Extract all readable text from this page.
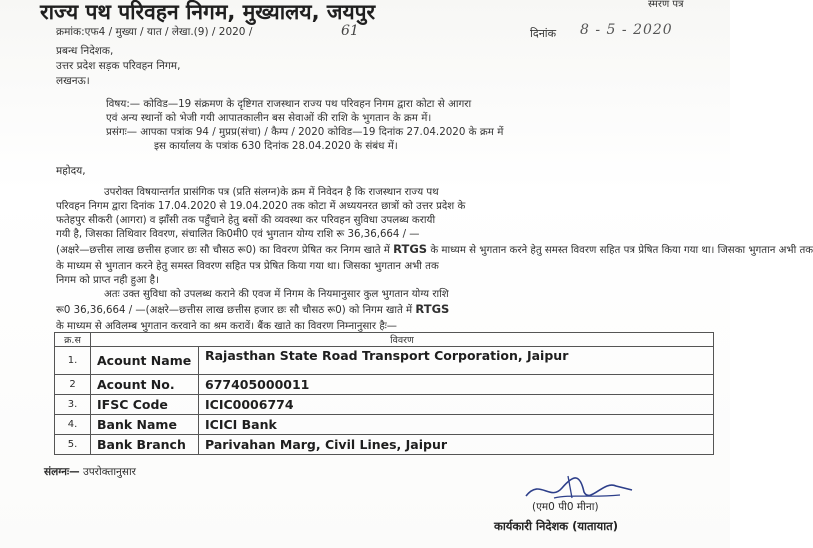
राज्य पथ परिवहन निगम, मुख्यालय, जयपुर	स्मरण पत्र
क्रमांक:एफ4 / मुख्या / यात / लेखा.(9) / 2020 /	61	दिनांक 8 - 5 - 2020
प्रबन्ध निदेशक,
उत्तर प्रदेश सड़क परिवहन निगम,
लखनऊ।
विषय:— कोविड—19 संक्रमण के दृष्टिगत राजस्थान राज्य पथ परिवहन निगम द्वारा कोटा से आगरा
एवं अन्य स्थानों को भेजी गयी आपातकालीन बस सेवाओं की राशि के भुगतान के क्रम में।
प्रसंगः— आपका पत्रांक 94 / मुप्रप्र(संचा) / कैम्प / 2020 कोविड—19 दिनांक 27.04.2020 के क्रम में
इस कार्यालय के पत्रांक 630 दिनांक 28.04.2020 के संबंध में।
महोदय,
उपरोक्त विषयान्तर्गत प्रासंगिक पत्र (प्रति संलग्न)के क्रम में निवेदन है कि राजस्थान राज्य पथ
परिवहन निगम द्वारा दिनांक 17.04.2020 से 19.04.2020 तक कोटा में अध्ययनरत छात्रों को उत्तर प्रदेश के
फतेहपुर सीकरी (आगरा) व झाँसी तक पहुँचाने हेतु बसों की व्यवस्था कर परिवहन सुविधा उपलब्ध करायी
गयी है, जिसका तिथिवार विवरण, संचालित कि0मी0 एवं भुगतान योग्य राशि रू 36,36,664 / —
(अक्षरे—छत्तीस लाख छत्तीस हजार छः सौ चौसठ रू0) का विवरण प्रेषित कर निगम खाते में RTGS के माध्यम से भुगतान करने हेतु समस्त विवरण सहित पत्र प्रेषित किया गया था। जिसका भुगतान अभी तक
के माध्यम से भुगतान करने हेतु समस्त विवरण सहित पत्र प्रेषित किया गया था। जिसका भुगतान अभी तक
निगम को प्राप्त नही हुआ है।
अतः उक्त सुविधा को उपलब्ध कराने की एवज में निगम के नियमानुसार कुल भुगतान योग्य राशि
रू0 36,36,664 / —(अक्षरे—छत्तीस लाख छत्तीस हजार छः सौ चौसठ रू0) को निगम खाते में RTGS
के माध्यम से अविलम्ब भुगतान करवाने का श्रम करावें। बैंक खाते का विवरण निम्नानुसार हैः—
क्र.स	विवरण	
1.	Acount Name	Rajasthan State Road Transport Corporation, Jaipur
2	Acount No.	677405000011
3.	IFSC Code	ICIC0006774
4.	Bank Name	ICICI Bank
5.	Bank Branch	Parivahan Marg, Civil Lines, Jaipur
संलग्नः— उपरोक्तानुसार
(एम0 पी0 मीना)
कार्यकारी निदेशक (यातायात)
